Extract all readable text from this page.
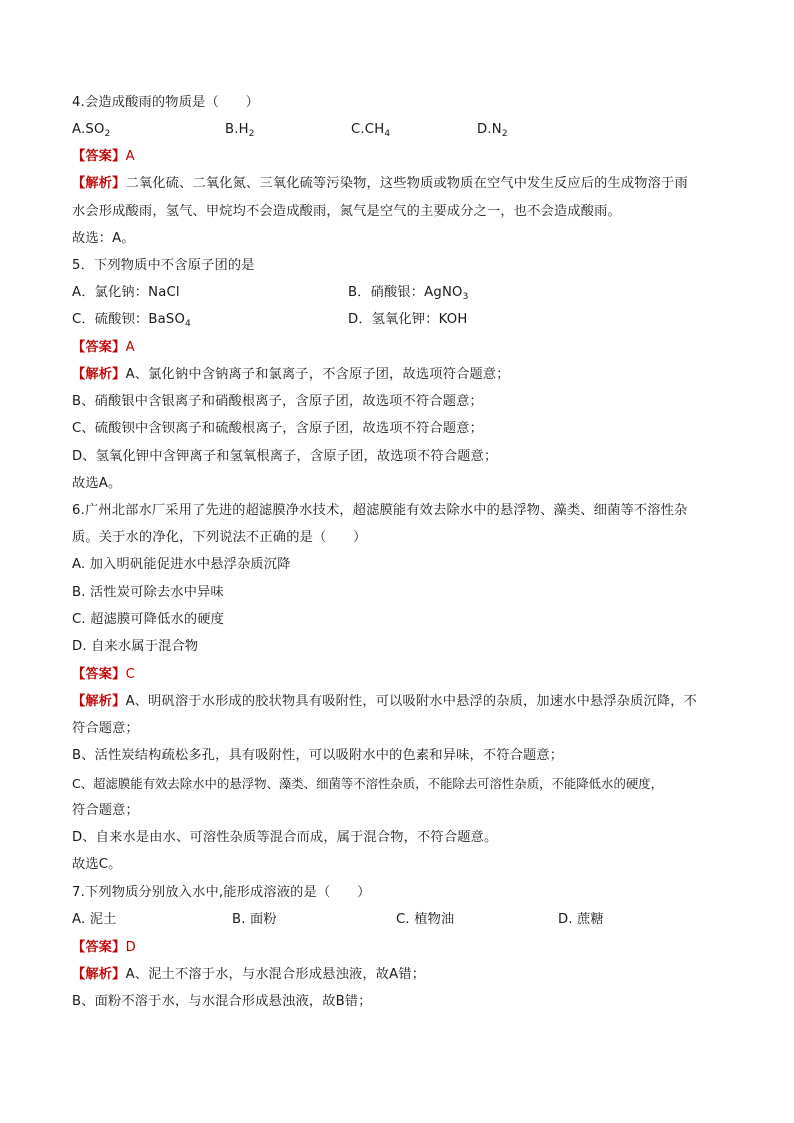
4.会造成酸雨的物质是（　　）
$A.SO_2$	$B.H_2$	$C.CH_4$	$D.N_2$
【答案】A
【解析】二氧化硫、二氧化氮、三氧化硫等污染物，这些物质或物质在空气中发生反应后的生成物溶于雨
水会形成酸雨，氢气、甲烷均不会造成酸雨，氮气是空气的主要成分之一，也不会造成酸雨。
故选：A。
5．下列物质中不含原子团的是
A．氯化钠：NaCl	B．硝酸银：AgNO$_3$
C．硫酸钡：BaSO$_4$	D．氢氧化钾：KOH
【答案】A
【解析】A、氯化钠中含钠离子和氯离子，不含原子团，故选项符合题意；
B、硝酸银中含银离子和硝酸根离子，含原子团，故选项不符合题意；
C、硫酸钡中含钡离子和硫酸根离子，含原子团，故选项不符合题意；
D、氢氧化钾中含钾离子和氢氧根离子，含原子团，故选项不符合题意；
故选A。
6.广州北部水厂采用了先进的超滤膜净水技术，超滤膜能有效去除水中的悬浮物、藻类、细菌等不溶性杂
质。关于水的净化，下列说法不正确的是（　　）
A. 加入明矾能促进水中悬浮杂质沉降
B. 活性炭可除去水中异味
C. 超滤膜可降低水的硬度
D. 自来水属于混合物
【答案】C
【解析】A、明矾溶于水形成的胶状物具有吸附性，可以吸附水中悬浮的杂质，加速水中悬浮杂质沉降，不
符合题意；
B、活性炭结构疏松多孔，具有吸附性，可以吸附水中的色素和异味，不符合题意；
C、超滤膜能有效去除水中的悬浮物、藻类、细菌等不溶性杂质，不能除去可溶性杂质，不能降低水的硬度，
符合题意；
D、自来水是由水、可溶性杂质等混合而成，属于混合物，不符合题意。
故选C。
7.下列物质分别放入水中,能形成溶液的是（　　）
A. 泥土	B. 面粉	C. 植物油	D. 蔗糖
【答案】D
【解析】A、泥土不溶于水，与水混合形成悬浊液，故A错；
B、面粉不溶于水，与水混合形成悬浊液，故B错；
